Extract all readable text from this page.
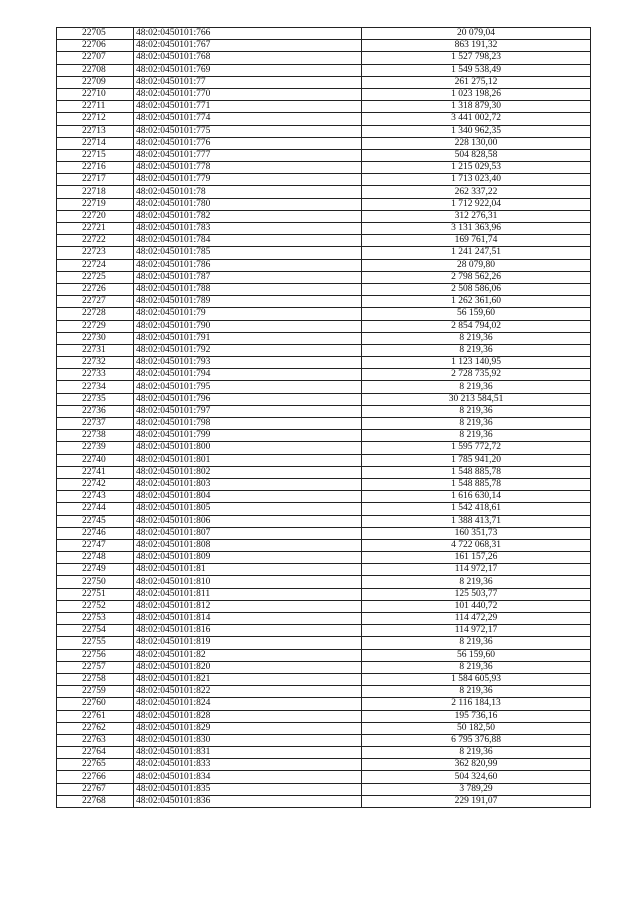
22705	48:02:0450101:766	20 079,04
22706	48:02:0450101:767	863 191,32
22707	48:02:0450101:768	1 527 798,23
22708	48:02:0450101:769	1 549 538,49
22709	48:02:0450101:77	261 275,12
22710	48:02:0450101:770	1 023 198,26
22711	48:02:0450101:771	1 318 879,30
22712	48:02:0450101:774	3 441 002,72
22713	48:02:0450101:775	1 340 962,35
22714	48:02:0450101:776	228 130,00
22715	48:02:0450101:777	504 828,58
22716	48:02:0450101:778	1 215 029,53
22717	48:02:0450101:779	1 713 023,40
22718	48:02:0450101:78	262 337,22
22719	48:02:0450101:780	1 712 922,04
22720	48:02:0450101:782	312 276,31
22721	48:02:0450101:783	3 131 363,96
22722	48:02:0450101:784	169 761,74
22723	48:02:0450101:785	1 241 247,51
22724	48:02:0450101:786	28 079,80
22725	48:02:0450101:787	2 798 562,26
22726	48:02:0450101:788	2 508 586,06
22727	48:02:0450101:789	1 262 361,60
22728	48:02:0450101:79	56 159,60
22729	48:02:0450101:790	2 854 794,02
22730	48:02:0450101:791	8 219,36
22731	48:02:0450101:792	8 219,36
22732	48:02:0450101:793	1 123 140,95
22733	48:02:0450101:794	2 728 735,92
22734	48:02:0450101:795	8 219,36
22735	48:02:0450101:796	30 213 584,51
22736	48:02:0450101:797	8 219,36
22737	48:02:0450101:798	8 219,36
22738	48:02:0450101:799	8 219,36
22739	48:02:0450101:800	1 595 772,72
22740	48:02:0450101:801	1 785 941,20
22741	48:02:0450101:802	1 548 885,78
22742	48:02:0450101:803	1 548 885,78
22743	48:02:0450101:804	1 616 630,14
22744	48:02:0450101:805	1 542 418,61
22745	48:02:0450101:806	1 388 413,71
22746	48:02:0450101:807	160 351,73
22747	48:02:0450101:808	4 722 068,31
22748	48:02:0450101:809	161 157,26
22749	48:02:0450101:81	114 972,17
22750	48:02:0450101:810	8 219,36
22751	48:02:0450101:811	125 503,77
22752	48:02:0450101:812	101 440,72
22753	48:02:0450101:814	114 472,29
22754	48:02:0450101:816	114 972,17
22755	48:02:0450101:819	8 219,36
22756	48:02:0450101:82	56 159,60
22757	48:02:0450101:820	8 219,36
22758	48:02:0450101:821	1 584 605,93
22759	48:02:0450101:822	8 219,36
22760	48:02:0450101:824	2 116 184,13
22761	48:02:0450101:828	195 736,16
22762	48:02:0450101:829	50 182,50
22763	48:02:0450101:830	6 795 376,88
22764	48:02:0450101:831	8 219,36
22765	48:02:0450101:833	362 820,99
22766	48:02:0450101:834	504 324,60
22767	48:02:0450101:835	3 789,29
22768	48:02:0450101:836	229 191,07
